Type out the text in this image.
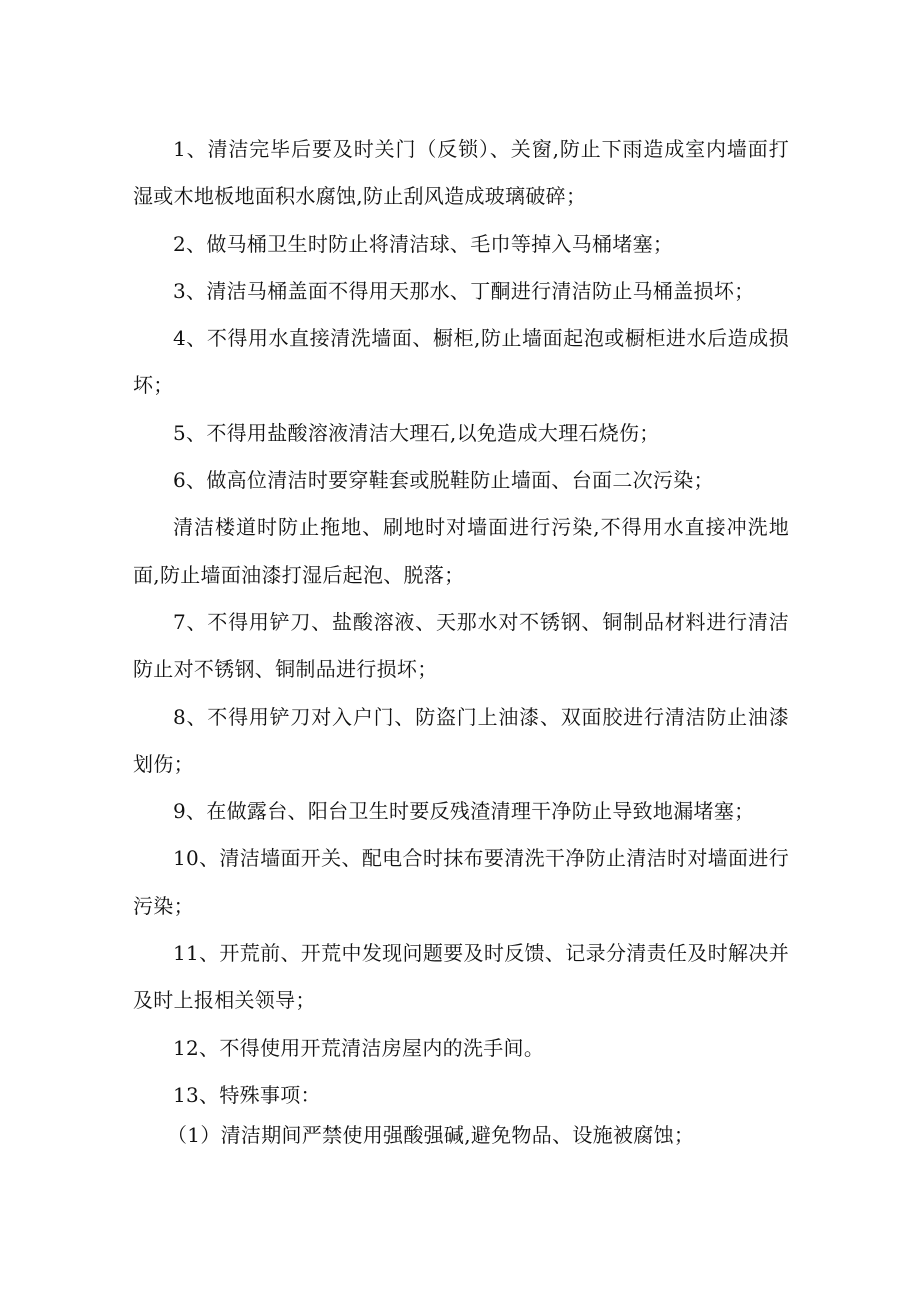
1、清洁完毕后要及时关门（反锁）、关窗,防止下雨造成室内墙面打湿或木地板地面积水腐蚀,防止刮风造成玻璃破碎；

2、做马桶卫生时防止将清洁球、毛巾等掉入马桶堵塞；

3、清洁马桶盖面不得用天那水、丁酮进行清洁防止马桶盖损坏；

4、不得用水直接清洗墙面、橱柜,防止墙面起泡或橱柜进水后造成损坏；

5、不得用盐酸溶液清洁大理石,以免造成大理石烧伤；

6、做高位清洁时要穿鞋套或脱鞋防止墙面、台面二次污染；

清洁楼道时防止拖地、刷地时对墙面进行污染,不得用水直接冲洗地面,防止墙面油漆打湿后起泡、脱落；

7、不得用铲刀、盐酸溶液、天那水对不锈钢、铜制品材料进行清洁防止对不锈钢、铜制品进行损坏；

8、不得用铲刀对入户门、防盗门上油漆、双面胶进行清洁防止油漆划伤；

9、在做露台、阳台卫生时要反残渣清理干净防止导致地漏堵塞；

10、清洁墙面开关、配电合时抹布要清洗干净防止清洁时对墙面进行污染；

11、开荒前、开荒中发现问题要及时反馈、记录分清责任及时解决并及时上报相关领导；

12、不得使用开荒清洁房屋内的洗手间。

13、特殊事项：

（1）清洁期间严禁使用强酸强碱,避免物品、设施被腐蚀；
